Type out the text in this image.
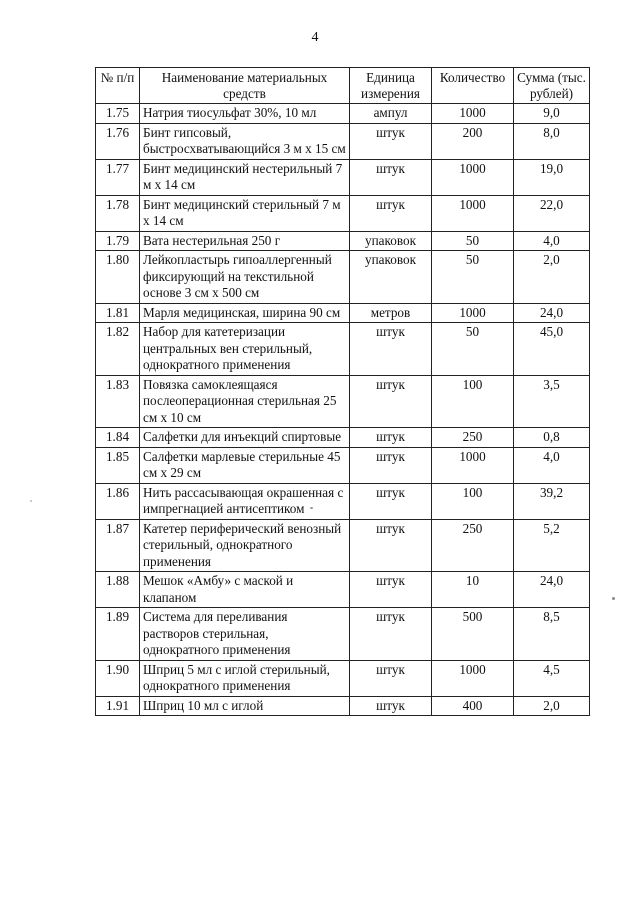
4
№ п/п	Наименование материальных средств	Единица измерения	Количество	Сумма (тыс. рублей)
1.75	Натрия тиосульфат 30%, 10 мл	ампул	1000	9,0
1.76	Бинт гипсовый, быстросхватывающийся 3 м х 15 см	штук	200	8,0
1.77	Бинт медицинский нестерильный 7 м х 14 см	штук	1000	19,0
1.78	Бинт медицинский стерильный 7 м х 14 см	штук	1000	22,0
1.79	Вата нестерильная 250 г	упаковок	50	4,0
1.80	Лейкопластырь гипоаллергенный фиксирующий на текстильной основе 3 см х 500 см	упаковок	50	2,0
1.81	Марля медицинская, ширина 90 см	метров	1000	24,0
1.82	Набор для катетеризации центральных вен стерильный, однократного применения	штук	50	45,0
1.83	Повязка самоклеящаяся послеоперационная стерильная 25 см х 10 см	штук	100	3,5
1.84	Салфетки для инъекций спиртовые	штук	250	0,8
1.85	Салфетки марлевые стерильные 45 см х 29 см	штук	1000	4,0
1.86	Нить рассасывающая окрашенная с импрегнацией антисептиком	штук	100	39,2
1.87	Катетер периферический венозный стерильный, однократного применения	штук	250	5,2
1.88	Мешок «Амбу» с маской и клапаном	штук	10	24,0
1.89	Система для переливания растворов стерильная, однократного применения	штук	500	8,5
1.90	Шприц 5 мл с иглой стерильный, однократного применения	штук	1000	4,5
1.91	Шприц 10 мл с иглой	штук	400	2,0
